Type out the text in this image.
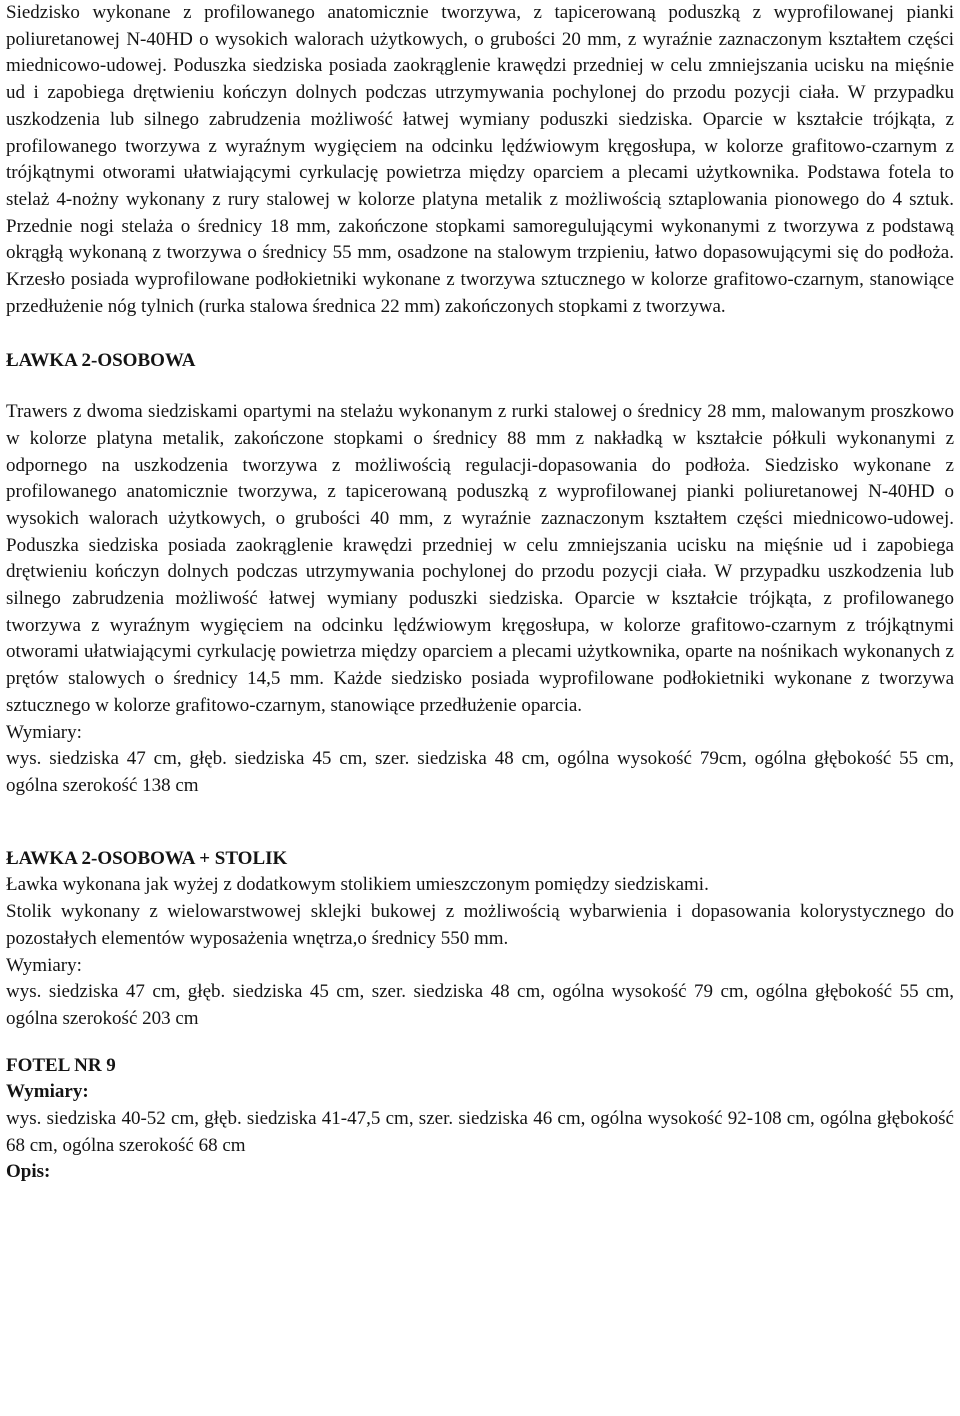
Siedzisko wykonane z profilowanego anatomicznie tworzywa, z tapicerowaną poduszką z wyprofilowanej pianki poliuretanowej N-40HD o wysokich walorach użytkowych, o grubości 20 mm, z wyraźnie zaznaczonym kształtem części miednicowo-udowej. Poduszka siedziska posiada zaokrąglenie krawędzi przedniej w celu zmniejszania ucisku na mięśnie ud i zapobiega drętwieniu kończyn dolnych podczas utrzymywania pochylonej do przodu pozycji ciała. W przypadku uszkodzenia lub silnego zabrudzenia możliwość łatwej wymiany poduszki siedziska. Oparcie w kształcie trójkąta, z profilowanego tworzywa z wyraźnym wygięciem na odcinku lędźwiowym kręgosłupa, w kolorze grafitowo-czarnym z trójkątnymi otworami ułatwiającymi cyrkulację powietrza między oparciem a plecami użytkownika. Podstawa fotela to stelaż 4-nożny wykonany z rury stalowej w kolorze platyna metalik z możliwością sztaplowania pionowego do 4 sztuk. Przednie nogi stelaża o średnicy 18 mm, zakończone stopkami samoregulującymi wykonanymi z tworzywa z podstawą okrągłą wykonaną z tworzywa o średnicy 55 mm, osadzone na stalowym trzpieniu, łatwo dopasowującymi się do podłoża. Krzesło posiada wyprofilowane podłokietniki wykonane z tworzywa sztucznego w kolorze grafitowo-czarnym, stanowiące przedłużenie nóg tylnich (rurka stalowa średnica 22 mm) zakończonych stopkami z tworzywa.

ŁAWKA 2-OSOBOWA

Trawers z dwoma siedziskami opartymi na stelażu wykonanym z rurki stalowej o średnicy 28 mm, malowanym proszkowo w kolorze platyna metalik, zakończone stopkami o średnicy 88 mm z nakładką w kształcie półkuli wykonanymi z odpornego na uszkodzenia tworzywa z możliwością regulacji-dopasowania do podłoża. Siedzisko wykonane z profilowanego anatomicznie tworzywa, z tapicerowaną poduszką z wyprofilowanej pianki poliuretanowej N-40HD o wysokich walorach użytkowych, o grubości 40 mm, z wyraźnie zaznaczonym kształtem części miednicowo-udowej. Poduszka siedziska posiada zaokrąglenie krawędzi przedniej w celu zmniejszania ucisku na mięśnie ud i zapobiega drętwieniu kończyn dolnych podczas utrzymywania pochylonej do przodu pozycji ciała. W przypadku uszkodzenia lub silnego zabrudzenia możliwość łatwej wymiany poduszki siedziska. Oparcie w kształcie trójkąta, z profilowanego tworzywa z wyraźnym wygięciem na odcinku lędźwiowym kręgosłupa, w kolorze grafitowo-czarnym z trójkątnymi otworami ułatwiającymi cyrkulację powietrza między oparciem a plecami użytkownika, oparte na nośnikach wykonanych z prętów stalowych o średnicy 14,5 mm. Każde siedzisko posiada wyprofilowane podłokietniki wykonane z tworzywa sztucznego w kolorze grafitowo-czarnym, stanowiące przedłużenie oparcia.

Wymiary:

wys. siedziska 47 cm, głęb. siedziska 45 cm, szer. siedziska 48 cm, ogólna wysokość 79cm, ogólna głębokość 55 cm, ogólna szerokość 138 cm

ŁAWKA 2-OSOBOWA + STOLIK

Ławka wykonana jak wyżej z dodatkowym stolikiem umieszczonym pomiędzy siedziskami.

Stolik wykonany z wielowarstwowej sklejki bukowej z możliwością wybarwienia i dopasowania kolorystycznego do pozostałych elementów wyposażenia wnętrza,o średnicy 550 mm.

Wymiary:

wys. siedziska 47 cm, głęb. siedziska 45 cm, szer. siedziska 48 cm, ogólna wysokość 79 cm, ogólna głębokość 55 cm, ogólna szerokość 203 cm

FOTEL NR 9

Wymiary:

wys. siedziska 40-52 cm, głęb. siedziska 41-47,5 cm, szer. siedziska 46 cm, ogólna wysokość 92-108 cm, ogólna głębokość 68 cm, ogólna szerokość 68 cm

Opis:
